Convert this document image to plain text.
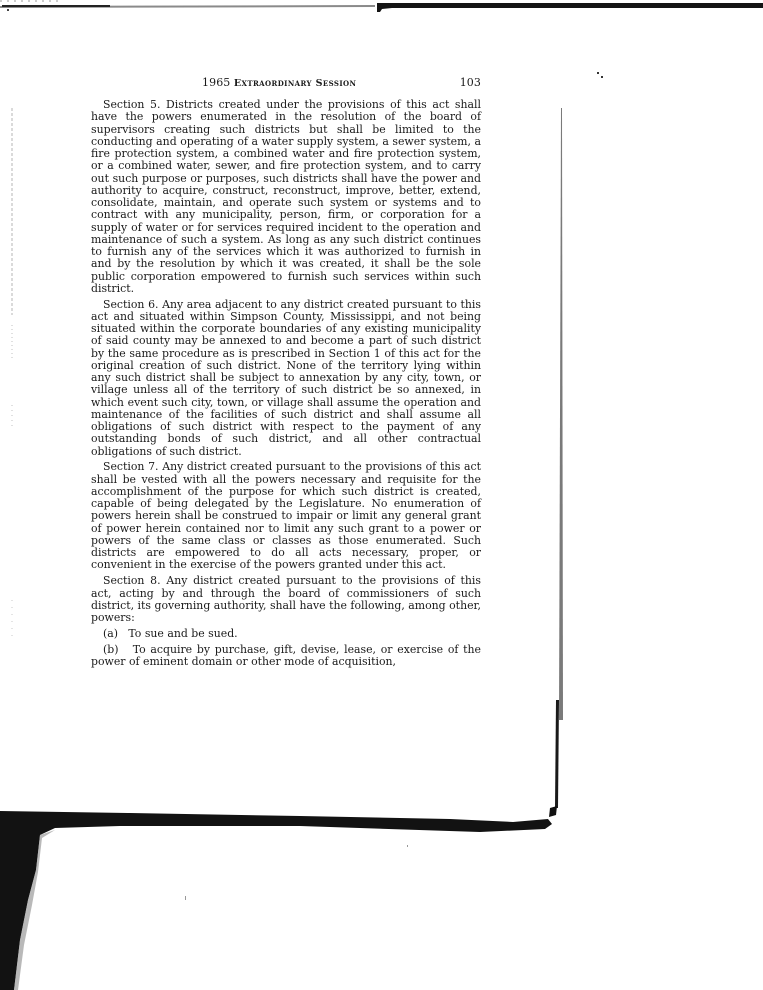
1965 Extraordinary Session	103

Section 5. Districts created under the provisions of this act shall have the powers enumerated in the resolution of the board of supervisors creating such districts but shall be limited to the conducting and operating of a water supply system, a sewer system, a fire protection system, a combined water and fire protection system, or a combined water, sewer, and fire protection system, and to carry out such purpose or purposes, such districts shall have the power and authority to acquire, construct, reconstruct, improve, better, extend, consolidate, maintain, and operate such system or systems and to contract with any municipality, person, firm, or corporation for a supply of water or for services required incident to the operation and maintenance of such a system. As long as any such district continues to furnish any of the services which it was authorized to furnish in and by the resolution by which it was created, it shall be the sole public corporation empowered to furnish such services within such district.

Section 6. Any area adjacent to any district created pursuant to this act and situated within Simpson County, Mississippi, and not being situated within the corporate boundaries of any existing municipality of said county may be annexed to and become a part of such district by the same procedure as is prescribed in Section 1 of this act for the original creation of such district. None of the territory lying within any such district shall be subject to annexation by any city, town, or village unless all of the territory of such district be so annexed, in which event such city, town, or village shall assume the operation and maintenance of the facilities of such district and shall assume all obligations of such district with respect to the payment of any outstanding bonds of such district, and all other contractual obligations of such district.

Section 7. Any district created pursuant to the provisions of this act shall be vested with all the powers necessary and requisite for the accomplishment of the purpose for which such district is created, capable of being delegated by the Legislature. No enumeration of powers herein shall be construed to impair or limit any general grant of power herein contained nor to limit any such grant to a power or powers of the same class or classes as those enumerated. Such districts are empowered to do all acts necessary, proper, or convenient in the exercise of the powers granted under this act.

Section 8. Any district created pursuant to the provisions of this act, acting by and through the board of commissioners of such district, its governing authority, shall have the following, among other, powers:

(a) To sue and be sued.

(b) To acquire by purchase, gift, devise, lease, or exercise of the power of eminent domain or other mode of acquisition,
